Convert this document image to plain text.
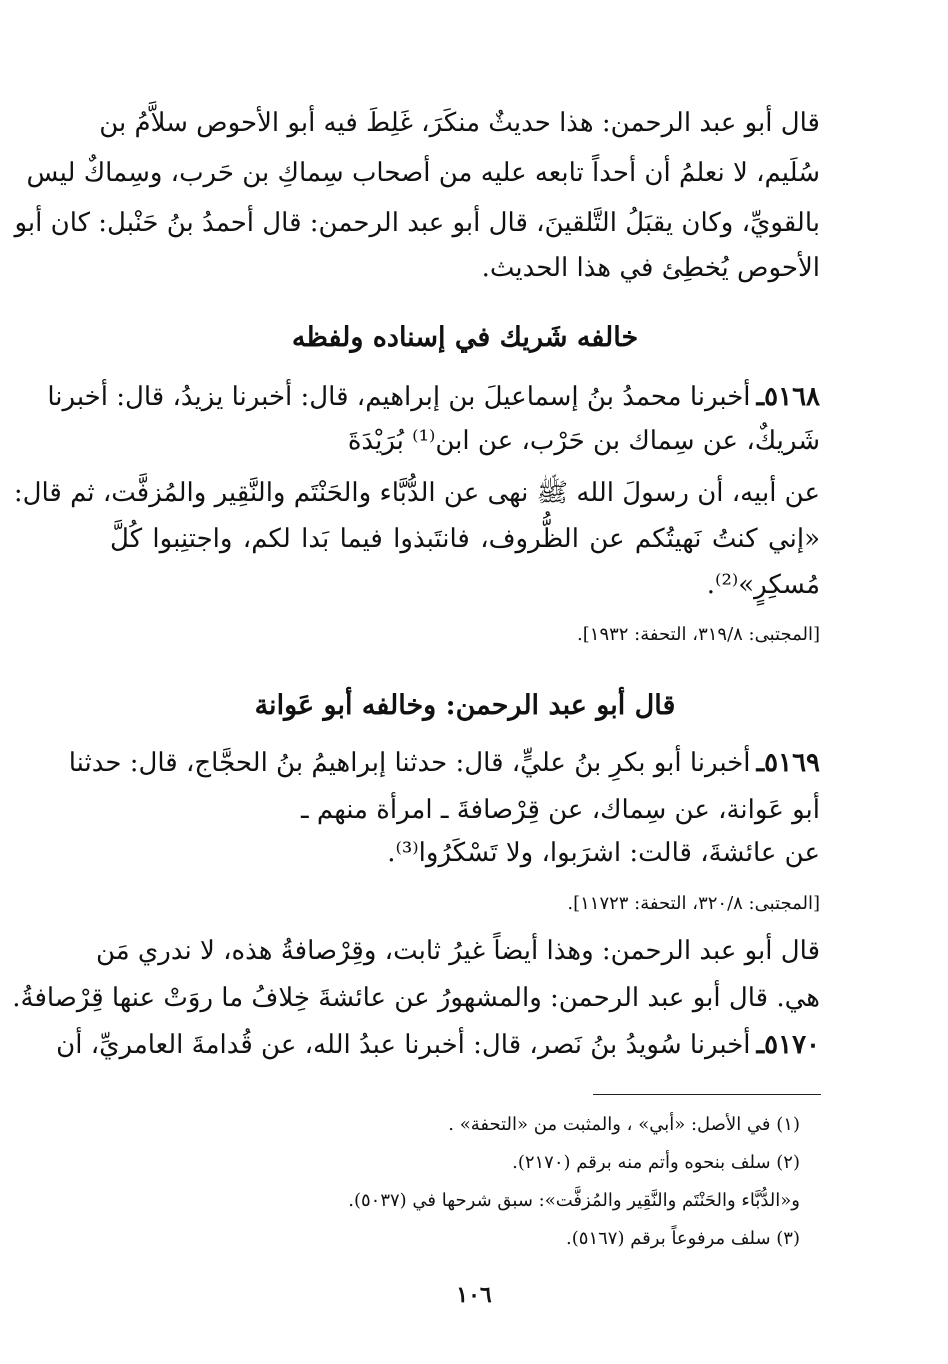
قال أبو عبد الرحمن: هذا حديثٌ منكَرَ، غَلِطَ فيه أبو الأحوص سلاَّمُ بن
سُلَيم، لا نعلمُ أن أحداً تابعه عليه من أصحاب سِماكِ بن حَرب، وسِماكٌ ليس
بالقويِّ، وكان يقبَلُ التَّلقينَ، قال أبو عبد الرحمن: قال أحمدُ بنُ حَنْبل: كان أبو
الأحوص يُخطِئ في هذا الحديث.
خالفه شَريك في إسناده ولفظه
٥١٦٨ـ
أخبرنا محمدُ بنُ إسماعيلَ بن إبراهيم، قال: أخبرنا يزيدُ، قال: أخبرنا
شَريكٌ، عن سِماك بن حَرْب، عن ابن⁽¹⁾ بُرَيْدَةَ
عن أبيه، أن رسولَ الله ﷺ نهى عن الدُّبَّاء والحَنْتَم والنَّقِير والمُزفَّت، ثم قال:
«إني كنتُ نَهيتُكم عن الظُّروف، فانتَبذوا فيما بَدا لكم، واجتنِبوا كُلَّ
مُسكِرٍ»⁽²⁾.
[المجتبى: ٣١٩/٨، التحفة: ١٩٣٢].
قال أبو عبد الرحمن: وخالفه أبو عَوانة
٥١٦٩ـ
أخبرنا أبو بكرِ بنُ عليٍّ، قال: حدثنا إبراهيمُ بنُ الحجَّاج، قال: حدثنا
أبو عَوانة، عن سِماك، عن قِرْصافةَ ـ امرأة منهم ـ
عن عائشةَ، قالت: اشرَبوا، ولا تَسْكَرُوا⁽³⁾.
[المجتبى: ٣٢٠/٨، التحفة: ١١٧٢٣].
قال أبو عبد الرحمن: وهذا أيضاً غيرُ ثابت، وقِرْصافةُ هذه، لا ندري مَن
هي. قال أبو عبد الرحمن: والمشهورُ عن عائشةَ خِلافُ ما روَتْ عنها قِرْصافةُ.
٥١٧٠ـ
أخبرنا سُويدُ بنُ نَصر، قال: أخبرنا عبدُ الله، عن قُدامةَ العامريِّ، أن
(١) في الأصل: «أبي» ، والمثبت من «التحفة» .
(٢) سلف بنحوه وأتم منه برقم (٢١٧٠).
و«الدُّبَّاء والحَنْتَم والنَّقِير والمُزفَّت»: سبق شرحها في (٥٠٣٧).
(٣) سلف مرفوعاً برقم (٥١٦٧).
١٠٦
